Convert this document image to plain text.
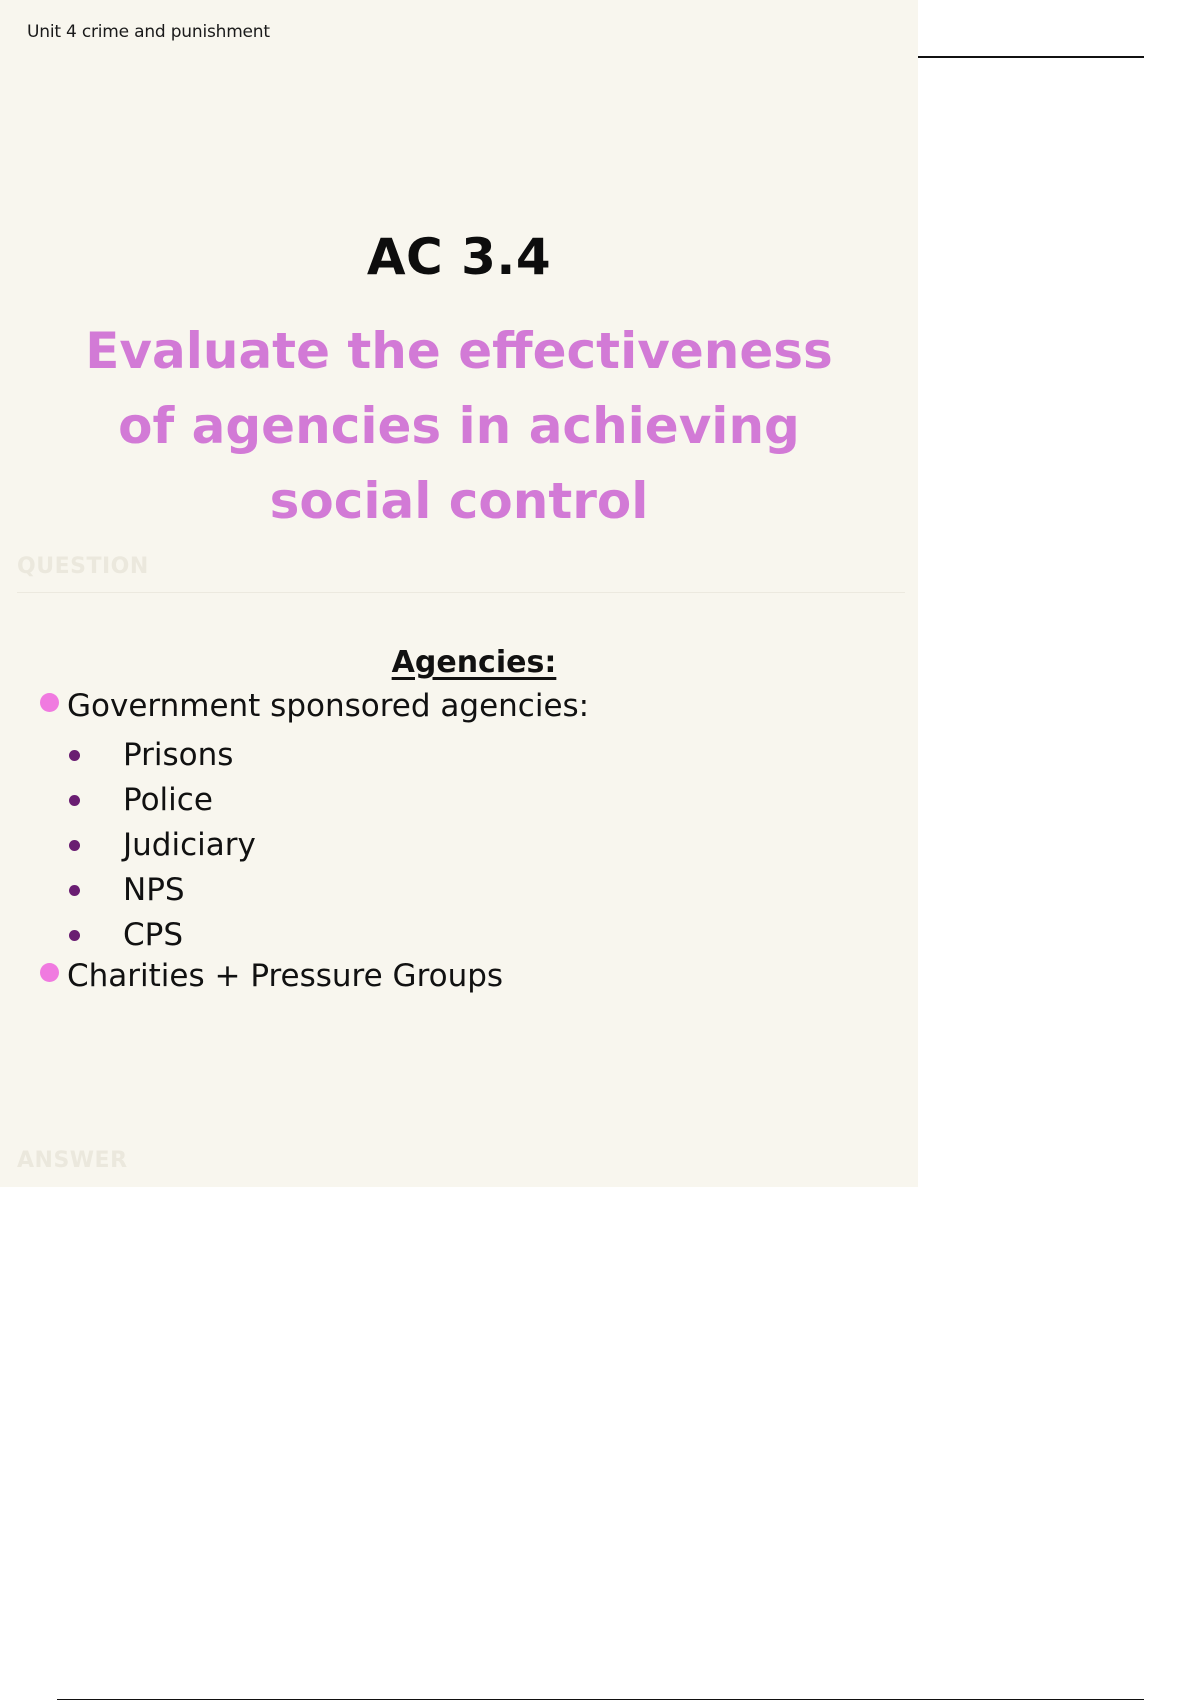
Unit 4 crime and punishment
AC 3.4
Evaluate the effectiveness of agencies in achieving social control
QUESTION
Agencies:
Government sponsored agencies:
Prisons
Police
Judiciary
NPS
CPS
Charities + Pressure Groups
ANSWER
